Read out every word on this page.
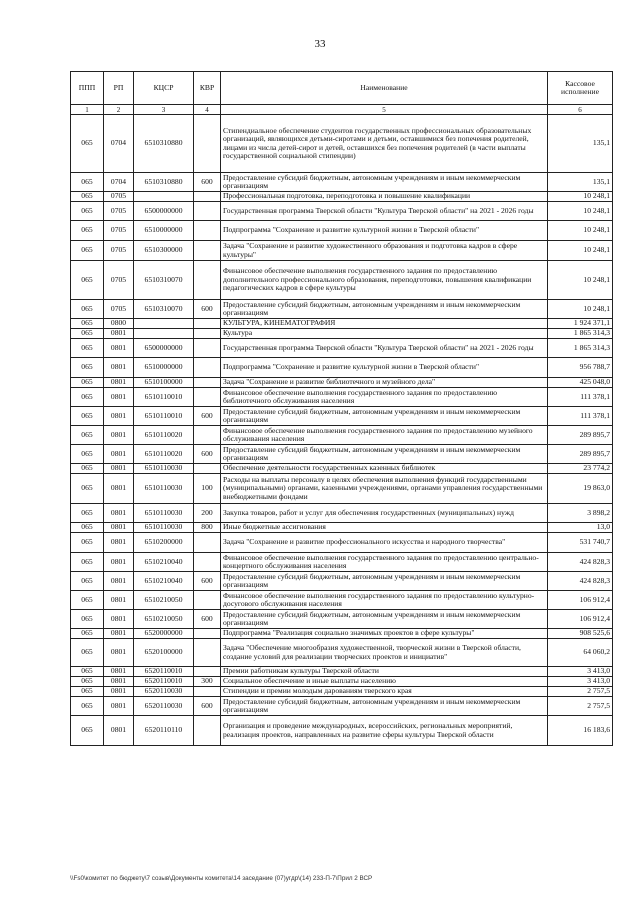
33
ППП	РП	КЦСР	КВР	Наименование	Кассовое исполнение
1	2	3	4	5	6
065	0704	6510310880		Стипендиальное обеспечение студентов государственных профессиональных образовательных организаций, являющихся детьми-сиротами и детьми, оставшимися без попечения родителей, лицами из числа детей-сирот и детей, оставшихся без попечения родителей (в части выплаты государственной социальной стипендии)	135,1
065	0704	6510310880	600	Предоставление субсидий бюджетным, автономным учреждениям и иным некоммерческим организациям	135,1
065	0705			Профессиональная подготовка, переподготовка и повышение квалификации	10 248,1
065	0705	6500000000		Государственная программа Тверской области "Культура Тверской области" на 2021 - 2026 годы	10 248,1
065	0705	6510000000		Подпрограмма "Сохранение и развитие культурной жизни в Тверской области"	10 248,1
065	0705	6510300000		Задача "Сохранение и развитие художественного образования и подготовка кадров в сфере культуры"	10 248,1
065	0705	6510310070		Финансовое обеспечение выполнения государственного задания по предоставлению дополнительного профессионального образования, переподготовки, повышения квалификации педагогических кадров в сфере культуры	10 248,1
065	0705	6510310070	600	Предоставление субсидий бюджетным, автономным учреждениям и иным некоммерческим организациям	10 248,1
065	0800			КУЛЬТУРА, КИНЕМАТОГРАФИЯ	1 924 371,1
065	0801			Культура	1 865 314,3
065	0801	6500000000		Государственная программа Тверской области "Культура Тверской области" на 2021 - 2026 годы	1 865 314,3
065	0801	6510000000		Подпрограмма "Сохранение и развитие культурной жизни в Тверской области"	956 788,7
065	0801	6510100000		Задача "Сохранение и развитие библиотечного и музейного дела"	425 048,0
065	0801	6510110010		Финансовое обеспечение выполнения государственного задания по предоставлению библиотечного обслуживания населения	111 378,1
065	0801	6510110010	600	Предоставление субсидий бюджетным, автономным учреждениям и иным некоммерческим организациям	111 378,1
065	0801	6510110020		Финансовое обеспечение выполнения государственного задания по предоставлению музейного обслуживания населения	289 895,7
065	0801	6510110020	600	Предоставление субсидий бюджетным, автономным учреждениям и иным некоммерческим организациям	289 895,7
065	0801	6510110030		Обеспечение деятельности государственных казенных библиотек	23 774,2
065	0801	6510110030	100	Расходы на выплаты персоналу в целях обеспечения выполнения функций государственными (муниципальными) органами, казенными учреждениями, органами управления государственными внебюджетными фондами	19 863,0
065	0801	6510110030	200	Закупка товаров, работ и услуг для обеспечения государственных (муниципальных) нужд	3 898,2
065	0801	6510110030	800	Иные бюджетные ассигнования	13,0
065	0801	6510200000		Задача "Сохранение и развитие профессионального искусства и народного творчества"	531 740,7
065	0801	6510210040		Финансовое обеспечение выполнения государственного задания по предоставлению центрально-концертного обслуживания населения	424 828,3
065	0801	6510210040	600	Предоставление субсидий бюджетным, автономным учреждениям и иным некоммерческим организациям	424 828,3
065	0801	6510210050		Финансовое обеспечение выполнения государственного задания по предоставлению культурно-досугового обслуживания населения	106 912,4
065	0801	6510210050	600	Предоставление субсидий бюджетным, автономным учреждениям и иным некоммерческим организациям	106 912,4
065	0801	6520000000		Подпрограмма "Реализация социально значимых проектов в сфере культуры"	908 525,6
065	0801	6520100000		Задача "Обеспечение многообразия художественной, творческой жизни в Тверской области, создание условий для реализации творческих проектов и инициатив"	64 060,2
065	0801	6520110010		Премии работникам культуры Тверской области	3 413,0
065	0801	6520110010	300	Социальное обеспечение и иные выплаты населению	3 413,0
065	0801	6520110030		Стипендии и премии молодым дарованиям тверского края	2 757,5
065	0801	6520110030	600	Предоставление субсидий бюджетным, автономным учреждениям и иным некоммерческим организациям	2 757,5
065	0801	6520110110		Организация и проведение международных, всероссийских, региональных мероприятий, реализация проектов, направленных на развитие сферы культуры Тверской области	16 183,6
\\Fs0\комитет по бюджету\7 созыв\Документы комитета\14 заседание (07)угдр\(14) 233-П-7\Прил 2 ВСР
